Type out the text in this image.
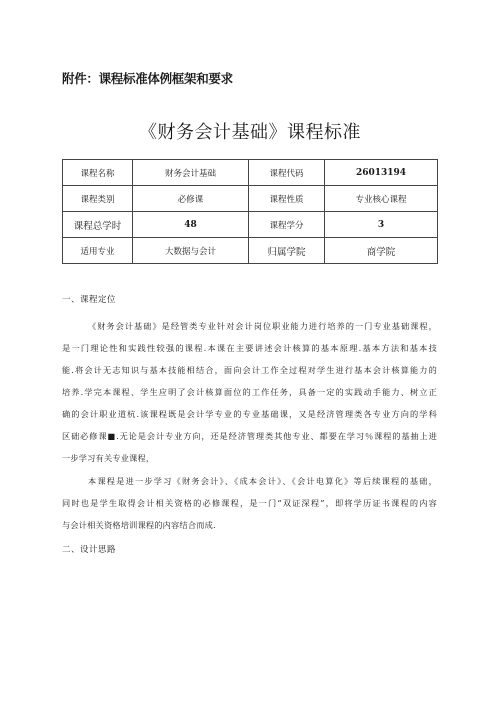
附件：课程标准体例框架和要求
《财务会计基础》课程标准
课程名称	财务会计基础	课程代码	26013194
课程类别	必修课	课程性质	专业核心课程
课程总学时	48	课程学分	3
适用专业	大数据与会计	归属学院	商学院
一、课程定位
《财务会计基础》是经管类专业针对会计岗位职业能力进行培养的一门专业基础课程，
是一门理论性和实践性较强的课程.本课在主要讲述会计核算的基本原理.基本方法和基本技
能.将会计无志知识与基本技能相结合，面向会计工作全过程对学生进行基本会计核算能力的
培养.学完本课程、学生应明了会计核算面位的工作任务，具备一定的实践动手能力、树立正
确的会计职业道杭.该课程既是会计学专业的专业基础课，又是经济管理类各专业方向的学科
区础必修课■.无论是会计专业方向，还是经济管理类其他专业、都要在学习％课程的基抽上进
一步学习有关专业课程，
本课程是进一步学习《财务会计》、《成本会计》、《会计电算化》等后续课程的基础，
同时也是学生取得会计相关资格的必修课程，是一门“双证深程”，即将学历证书课程的内容
与会计相关资格培训课程的内容结合而成.
二、设计思路
